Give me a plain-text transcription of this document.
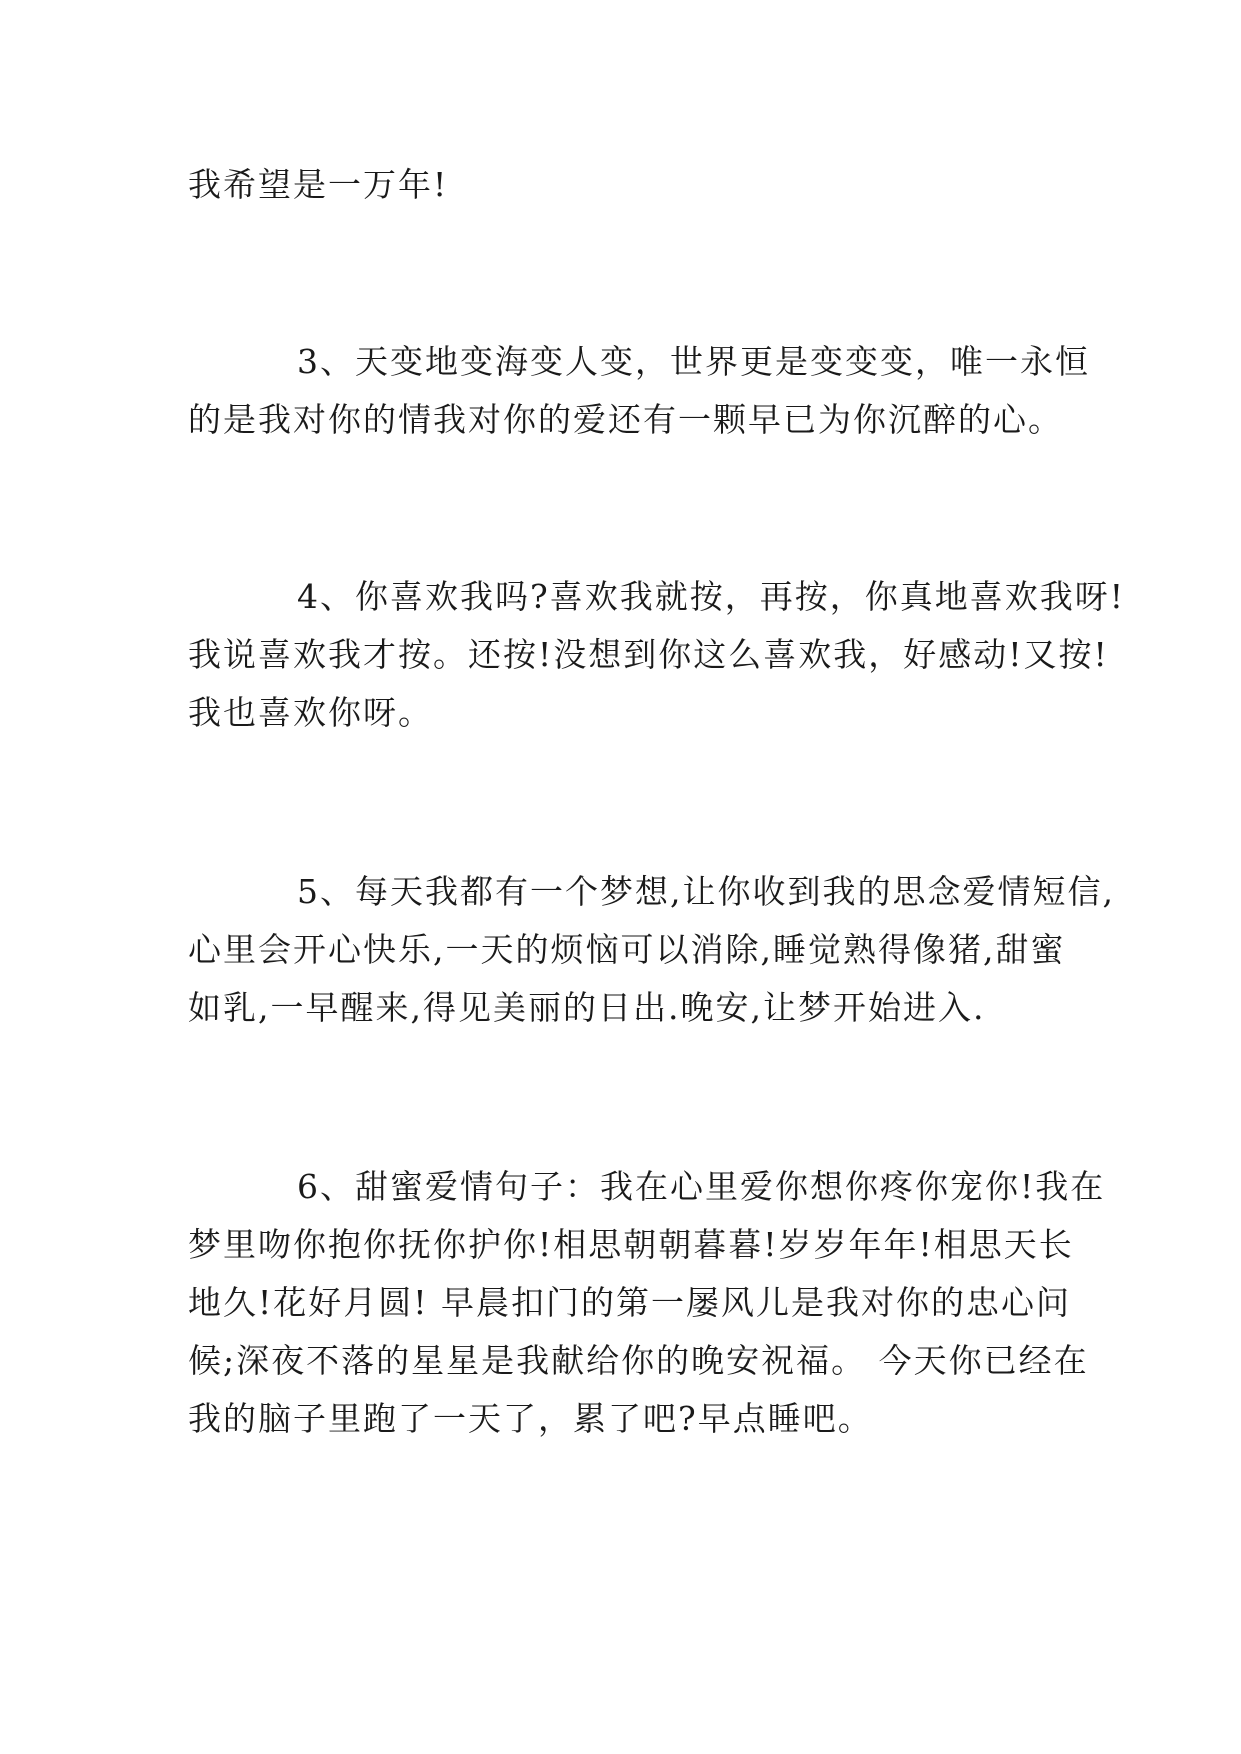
我希望是一万年!

3、天变地变海变人变，世界更是变变变，唯一永恒
的是我对你的情我对你的爱还有一颗早已为你沉醉的心。

4、你喜欢我吗?喜欢我就按，再按，你真地喜欢我呀!
我说喜欢我才按。还按!没想到你这么喜欢我，好感动!又按!
我也喜欢你呀。

5、每天我都有一个梦想,让你收到我的思念爱情短信,
心里会开心快乐,一天的烦恼可以消除,睡觉熟得像猪,甜蜜
如乳,一早醒来,得见美丽的日出.晚安,让梦开始进入.

6、甜蜜爱情句子：我在心里爱你想你疼你宠你!我在
梦里吻你抱你抚你护你!相思朝朝暮暮!岁岁年年!相思天长
地久!花好月圆! 早晨扣门的第一屡风儿是我对你的忠心问
候;深夜不落的星星是我献给你的晚安祝福。 今天你已经在
我的脑子里跑了一天了，累了吧?早点睡吧。
